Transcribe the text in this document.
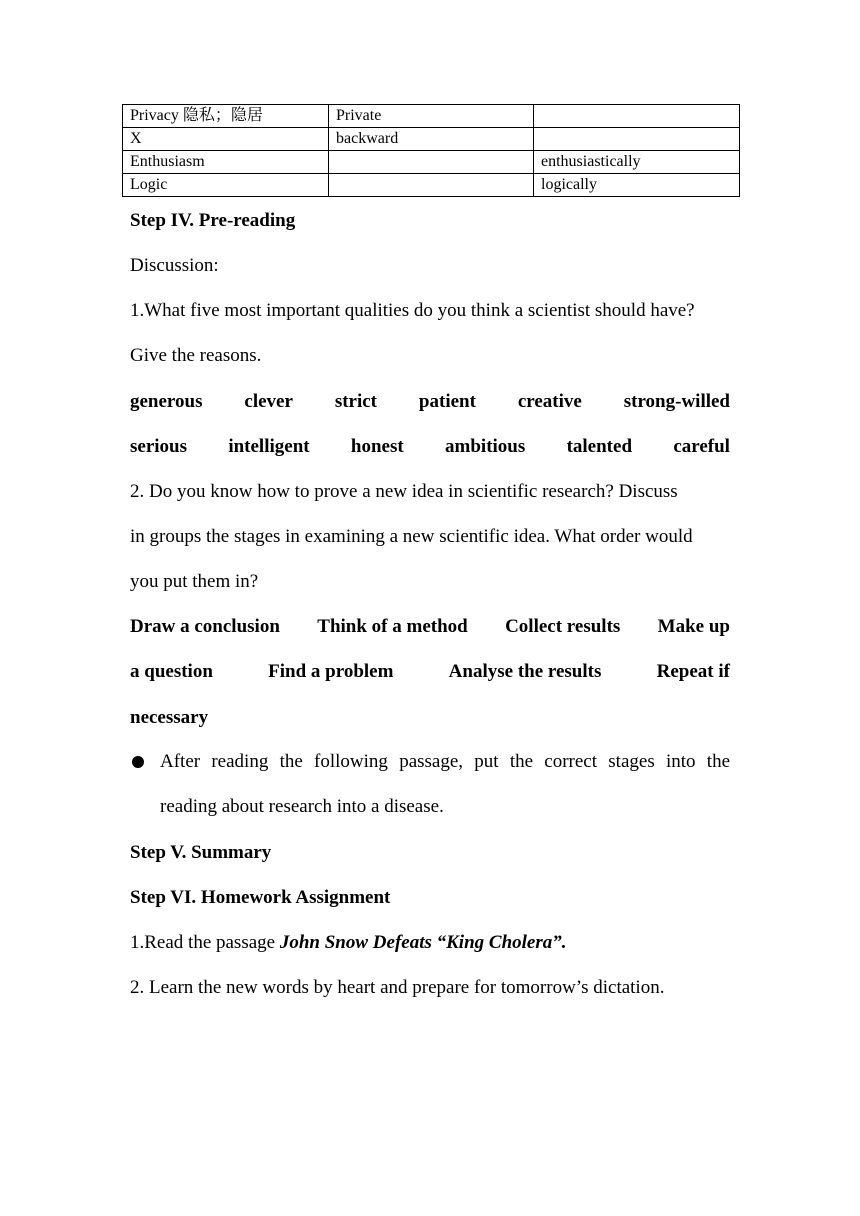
Privacy 隐私；隐居	Private	
X	backward	
Enthusiasm		enthusiastically
Logic		logically
Step IV. Pre-reading
Discussion:
1.What five most important qualities do you think a scientist should have?
Give the reasons.
generous clever strict patient creative strong-willed
serious intelligent honest ambitious talented careful
2. Do you know how to prove a new idea in scientific research? Discuss
in groups the stages in examining a new scientific idea. What order would
you put them in?
Draw a conclusion Think of a method Collect results Make up
a question	Find a problem	Analyse the results	Repeat if
necessary
After reading the following passage, put the correct stages into the
reading about research into a disease.
Step V. Summary
Step VI. Homework Assignment
1.Read the passage John Snow Defeats “King Cholera”.
2. Learn the new words by heart and prepare for tomorrow’s dictation.
